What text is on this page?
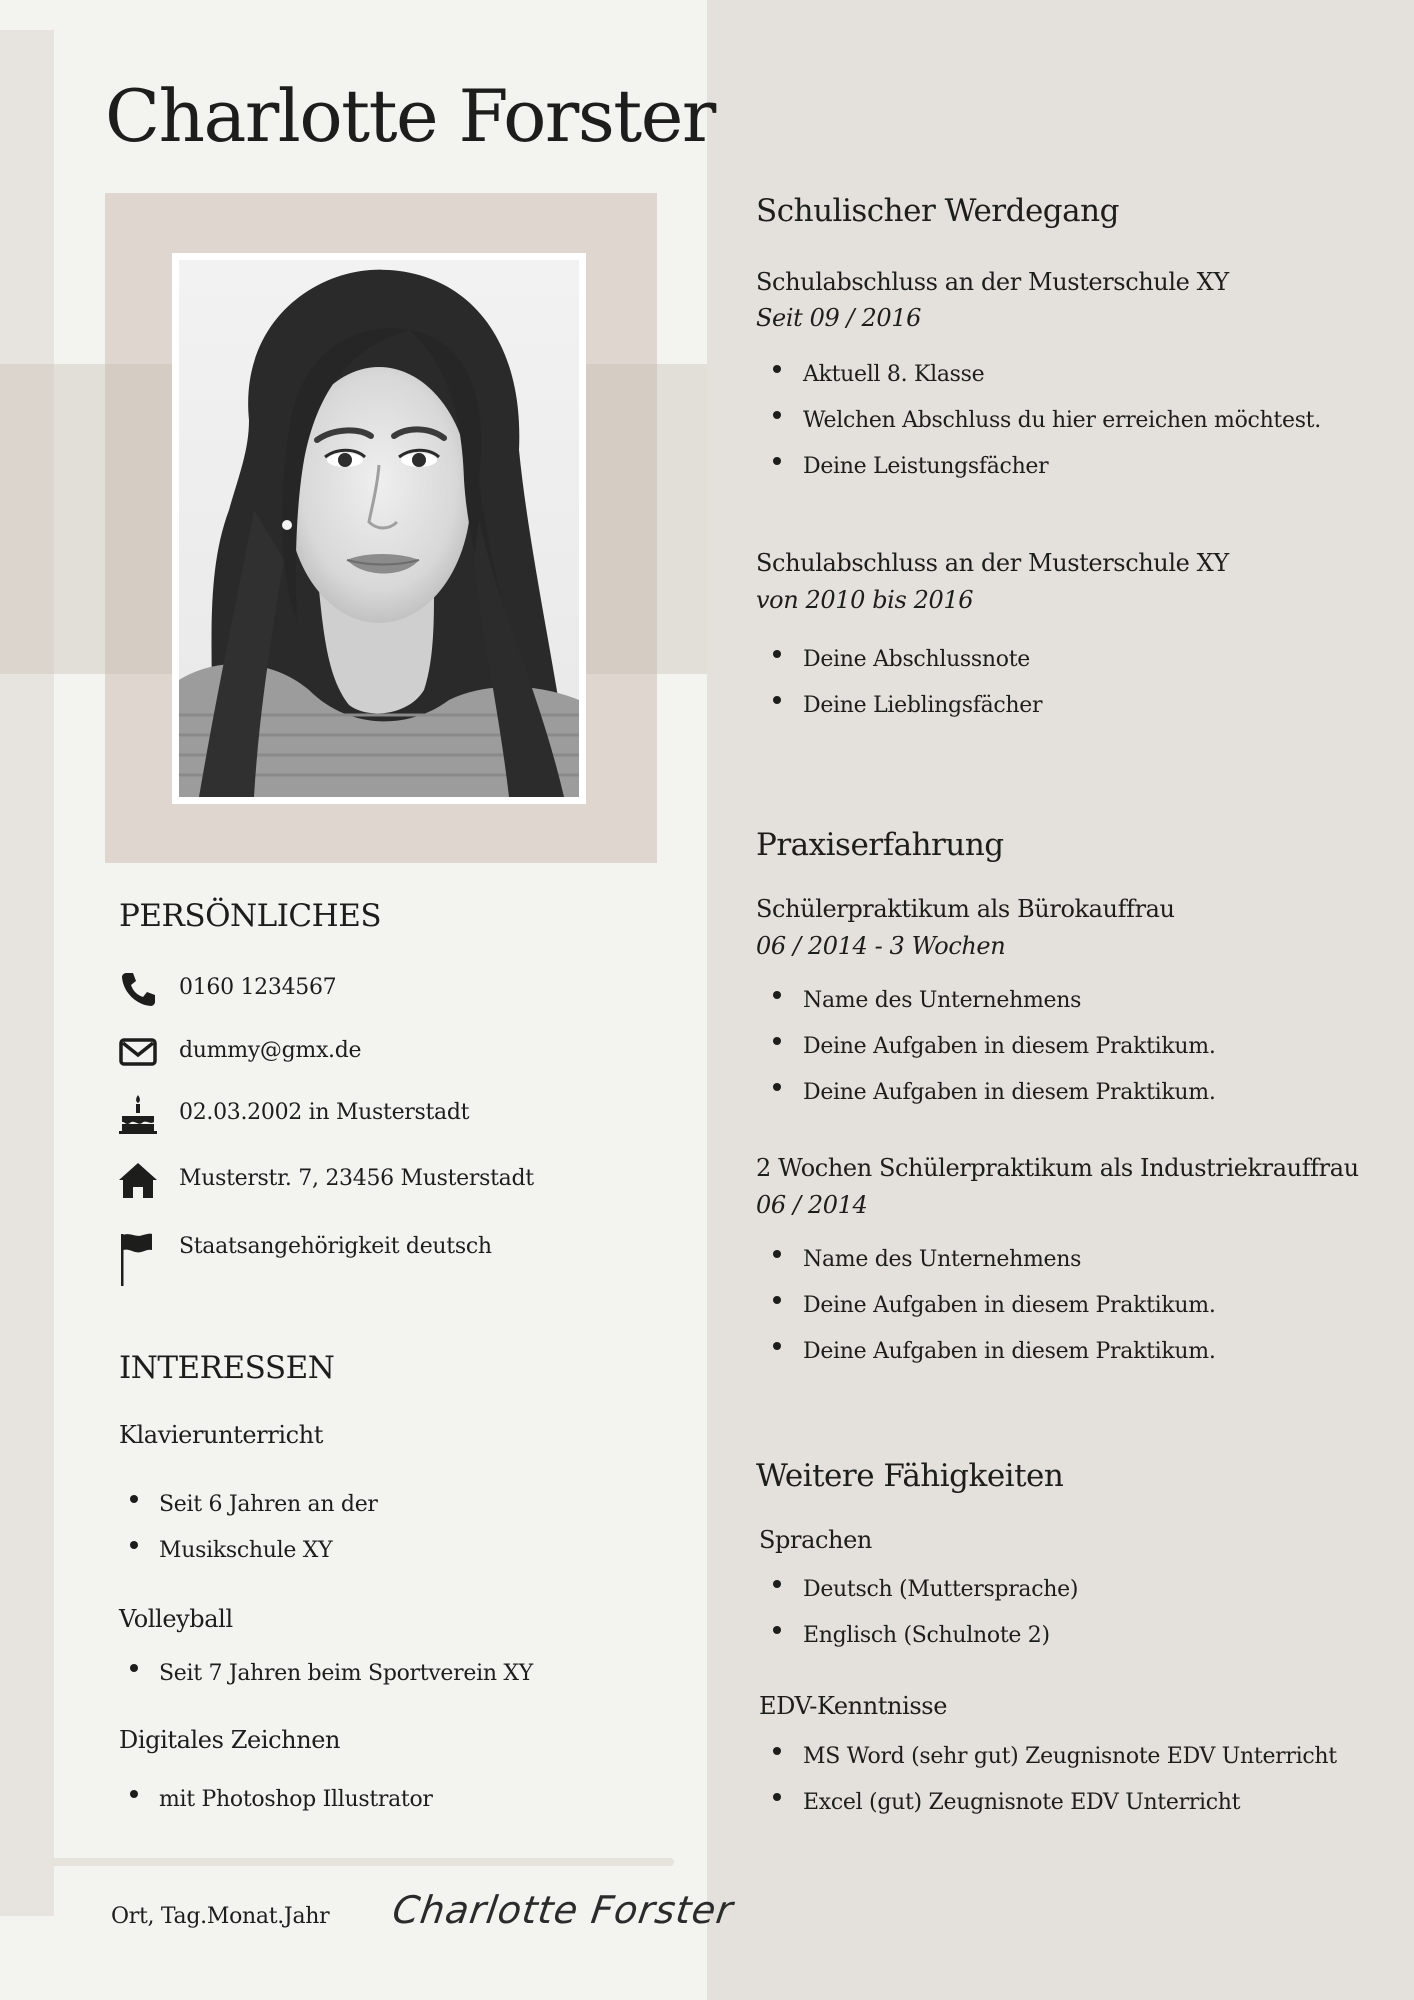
Charlotte Forster
PERSÖNLICHES
0160 1234567
dummy@gmx.de
02.03.2002 in Musterstadt
Musterstr. 7, 23456 Musterstadt
Staatsangehörigkeit deutsch
INTERESSEN
Klavierunterricht
Seit 6 Jahren an der
Musikschule XY
Volleyball
Seit 7 Jahren beim Sportverein XY
Digitales Zeichnen
mit Photoshop Illustrator
Ort, Tag.Monat.Jahr Charlotte Forster
Schulischer Werdegang
Schulabschluss an der Musterschule XY
Seit 09 / 2016
Aktuell 8. Klasse
Welchen Abschluss du hier erreichen möchtest.
Deine Leistungsfächer
Schulabschluss an der Musterschule XY
von 2010 bis 2016
Deine Abschlussnote
Deine Lieblingsfächer
Praxiserfahrung
Schülerpraktikum als Bürokauffrau
06 / 2014 - 3 Wochen
Name des Unternehmens
Deine Aufgaben in diesem Praktikum.
Deine Aufgaben in diesem Praktikum.
2 Wochen Schülerpraktikum als Industriekrauffrau
06 / 2014
Name des Unternehmens
Deine Aufgaben in diesem Praktikum.
Deine Aufgaben in diesem Praktikum.
Weitere Fähigkeiten
Sprachen
Deutsch (Muttersprache)
Englisch (Schulnote 2)
EDV-Kenntnisse
MS Word (sehr gut) Zeugnisnote EDV Unterricht
Excel (gut) Zeugnisnote EDV Unterricht
